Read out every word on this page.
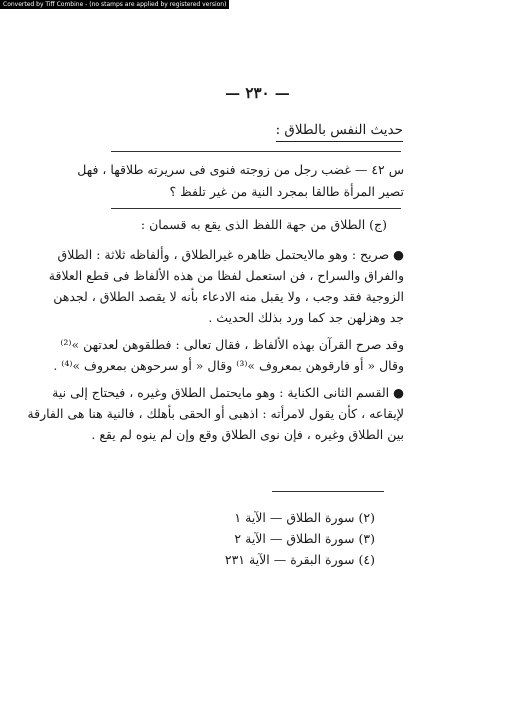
Converted by Tiff Combine - (no stamps are applied by registered version)
— ٢٣٠ —
حديث النفس بالطلاق :
س ٤٢ — غضب رجل من زوجته فنوى فى سريرته طلاقها ، فهل
تصير المرأة طالقا بمجرد النية من غير تلفظ ؟
(ج) الطلاق من جهة اللفظ الذى يقع به قسمان :
● صريح : وهو مالايحتمل ظاهره غيرالطلاق ، وألفاظه ثلاثة : الطلاق
والفراق والسراح ، فن استعمل لفظا من هذه الألفاظ فى قطع العلاقة
الزوجية فقد وجب ، ولا يقبل منه الادعاء بأنه لا يقصد الطلاق ، لجدهن
جد وهزلهن جد كما ورد بذلك الحديث .
وقد صرح القرآن بهذه الألفاظ ، فقال تعالى : فطلقوهن لعدتهن »⁽²⁾
وقال « أو فارقوهن بمعروف »⁽³⁾ وقال « أو سرحوهن بمعروف »⁽⁴⁾ .
● القسم الثانى الكناية : وهو مايحتمل الطلاق وغيره ، فيحتاج إلى نية
لإيقاعه ، كأن يقول لامرأته : اذهبى أو الحقى بأهلك ، فالنية هنا هى الفارقة
بين الطلاق وغيره ، فإن نوى الطلاق وقع وإن لم ينوه لم يقع .
(٢) سورة الطلاق — الآية ١
(٣) سورة الطلاق — الآية ٢
(٤) سورة البقرة — الآية ٢٣١
